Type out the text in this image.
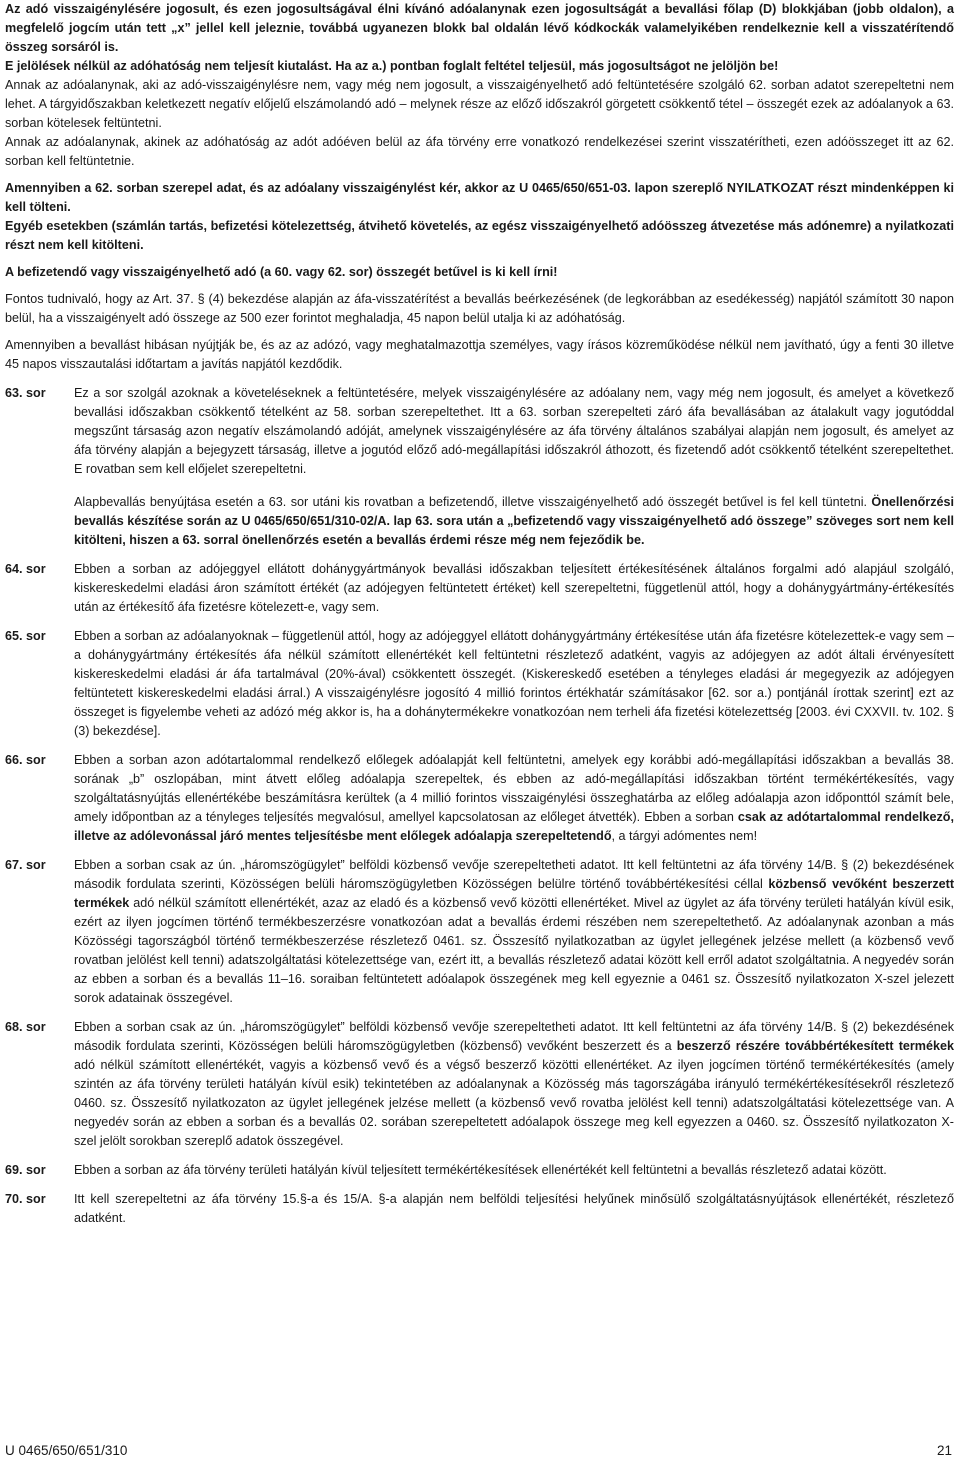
Az adó visszaigénylésére jogosult, és ezen jogosultságával élni kívánó adóalanynak ezen jogosultságát a bevallási főlap (D) blokkjában (jobb oldalon), a megfelelő jogcím után tett „x” jellel kell jeleznie, továbbá ugyanezen blokk bal oldalán lévő kódkockák valamelyikében rendelkeznie kell a visszatérítendő összeg sorsáról is.

E jelölések nélkül az adóhatóság nem teljesít kiutalást. Ha az a.) pontban foglalt feltétel teljesül, más jogosultságot ne jelöljön be!

Annak az adóalanynak, aki az adó-visszaigénylésre nem, vagy még nem jogosult, a visszaigényelhető adó feltüntetésére szolgáló 62. sorban adatot szerepeltetni nem lehet. A tárgyidőszakban keletkezett negatív előjelű elszámolandó adó – melynek része az előző időszakról görgetett csökkentő tétel – összegét ezek az adóalanyok a 63. sorban kötelesek feltüntetni.

Annak az adóalanynak, akinek az adóhatóság az adót adóéven belül az áfa törvény erre vonatkozó rendelkezései szerint visszatérítheti, ezen adóösszeget itt az 62. sorban kell feltüntetnie.

Amennyiben a 62. sorban szerepel adat, és az adóalany visszaigénylést kér, akkor az U 0465/650/651-03. lapon szereplő NYILATKOZAT részt mindenképpen ki kell tölteni.

Egyéb esetekben (számlán tartás, befizetési kötelezettség, átvihető követelés, az egész visszaigényelhető adóösszeg átvezetése más adónemre) a nyilatkozati részt nem kell kitölteni.

A befizetendő vagy visszaigényelhető adó (a 60. vagy 62. sor) összegét betűvel is ki kell írni!

Fontos tudnivaló, hogy az Art. 37. § (4) bekezdése alapján az áfa-visszatérítést a bevallás beérkezésének (de legkorábban az esedékesség) napjától számított 30 napon belül, ha a visszaigényelt adó összege az 500 ezer forintot meghaladja, 45 napon belül utalja ki az adóhatóság.

Amennyiben a bevallást hibásan nyújtják be, és az az adózó, vagy meghatalmazottja személyes, vagy írásos közreműködése nélkül nem javítható, úgy a fenti 30 illetve 45 napos visszautalási időtartam a javítás napjától kezdődik.

63. sor	Ez a sor szolgál azoknak a követeléseknek a feltüntetésére, melyek visszaigénylésére az adóalany nem, vagy még nem jogosult, és amelyet a következő bevallási időszakban csökkentő tételként az 58. sorban szerepeltethet. Itt a 63. sorban szerepelteti záró áfa bevallásában az átalakult vagy jogutóddal megszűnt társaság azon negatív elszámolandó adóját, amelynek visszaigénylésére az áfa törvény általános szabályai alapján nem jogosult, és amelyet az áfa törvény alapján a bejegyzett társaság, illetve a jogutód előző adó-megállapítási időszakról áthozott, és fizetendő adót csökkentő tételként szerepeltethet. E rovatban sem kell előjelet szerepeltetni.

Alapbevallás benyújtása esetén a 63. sor utáni kis rovatban a befizetendő, illetve visszaigényelhető adó összegét betűvel is fel kell tüntetni. Önellenőrzési bevallás készítése során az U 0465/650/651/310-02/A. lap 63. sora után a „befizetendő vagy visszaigényelhető adó összege” szöveges sort nem kell kitölteni, hiszen a 63. sorral önellenőrzés esetén a bevallás érdemi része még nem fejeződik be.

64. sor	Ebben a sorban az adójeggyel ellátott dohánygyártmányok bevallási időszakban teljesített értékesítésének általános forgalmi adó alapjául szolgáló, kiskereskedelmi eladási áron számított értékét (az adójegyen feltüntetett értéket) kell szerepeltetni, függetlenül attól, hogy a dohánygyártmány-értékesítés után az értékesítő áfa fizetésre kötelezett-e, vagy sem.

65. sor	Ebben a sorban az adóalanyoknak – függetlenül attól, hogy az adójeggyel ellátott dohánygyártmány értékesítése után áfa fizetésre kötelezettek-e vagy sem – a dohánygyártmány értékesítés áfa nélkül számított ellenértékét kell feltüntetni részletező adatként, vagyis az adójegyen az adót általi érvényesített kiskereskedelmi eladási ár áfa tartalmával (20%-ával) csökkentett összegét. (Kiskereskedő esetében a tényleges eladási ár megegyezik az adójegyen feltüntetett kiskereskedelmi eladási árral.) A visszaigénylésre jogosító 4 millió forintos értékhatár számításakor [62. sor a.) pontjánál írottak szerint] ezt az összeget is figyelembe veheti az adózó még akkor is, ha a dohánytermékekre vonatkozóan nem terheli áfa fizetési kötelezettség [2003. évi CXXVII. tv. 102. § (3) bekezdése].

66. sor	Ebben a sorban azon adótartalommal rendelkező előlegek adóalapját kell feltüntetni, amelyek egy korábbi adó-megállapítási időszakban a bevallás 38. sorának „b” oszlopában, mint átvett előleg adóalapja szerepeltek, és ebben az adó-megállapítási időszakban történt termékértékesítés, vagy szolgáltatásnyújtás ellenértékébe beszámításra kerültek (a 4 millió forintos visszaigénylési összeghatárba az előleg adóalapja azon időponttól számít bele, amely időpontban az a tényleges teljesítés megvalósul, amellyel kapcsolatosan az előleget átvették). Ebben a sorban csak az adótartalommal rendelkező, illetve az adólevonással járó mentes teljesítésbe ment előlegek adóalapja szerepeltetendő, a tárgyi adómentes nem!

67. sor	Ebben a sorban csak az ún. „háromszögügylet” belföldi közbenső vevője szerepeltetheti adatot. Itt kell feltüntetni az áfa törvény 14/B. § (2) bekezdésének második fordulata szerinti, Közösségen belüli háromszögügyletben Közösségen belülre történő továbbértékesítési céllal közbenső vevőként beszerzett termékek adó nélkül számított ellenértékét, azaz az eladó és a közbenső vevő közötti ellenértéket. Mivel az ügylet az áfa törvény területi hatályán kívül esik, ezért az ilyen jogcímen történő termékbeszerzésre vonatkozóan adat a bevallás érdemi részében nem szerepeltethető. Az adóalanynak azonban a más Közösségi tagországból történő termékbeszerzése részletező 0461. sz. Összesítő nyilatkozatban az ügylet jellegének jelzése mellett (a közbenső vevő rovatban jelölést kell tenni) adatszolgáltatási kötelezettsége van, ezért itt, a bevallás részletező adatai között kell erről adatot szolgáltatnia. A negyedév során az ebben a sorban és a bevallás 11–16. soraiban feltüntetett adóalapok összegének meg kell egyeznie a 0461 sz. Összesítő nyilatkozaton X-szel jelezett sorok adatainak összegével.

68. sor	Ebben a sorban csak az ún. „háromszögügylet” belföldi közbenső vevője szerepeltetheti adatot. Itt kell feltüntetni az áfa törvény 14/B. § (2) bekezdésének második fordulata szerinti, Közösségen belüli háromszögügyletben (közbenső) vevőként beszerzett és a beszerző részére továbbértékesített termékek adó nélkül számított ellenértékét, vagyis a közbenső vevő és a végső beszerző közötti ellenértéket. Az ilyen jogcímen történő termékértékesítés (amely szintén az áfa törvény területi hatályán kívül esik) tekintetében az adóalanynak a Közösség más tagországába irányuló termékértékesítésekről részletező 0460. sz. Összesítő nyilatkozaton az ügylet jellegének jelzése mellett (a közbenső vevő rovatba jelölést kell tenni) adatszolgáltatási kötelezettsége van. A negyedév során az ebben a sorban és a bevallás 02. sorában szerepeltetett adóalapok összege meg kell egyezzen a 0460. sz. Összesítő nyilatkozaton X-szel jelölt sorokban szereplő adatok összegével.

69. sor	Ebben a sorban az áfa törvény területi hatályán kívül teljesített termékértékesítések ellenértékét kell feltüntetni a bevallás részletező adatai között.

70. sor	Itt kell szerepeltetni az áfa törvény 15.§-a és 15/A. §-a alapján nem belföldi teljesítési helyűnek minősülő szolgáltatásnyújtások ellenértékét, részletező adatként.

U 0465/650/651/310	21
